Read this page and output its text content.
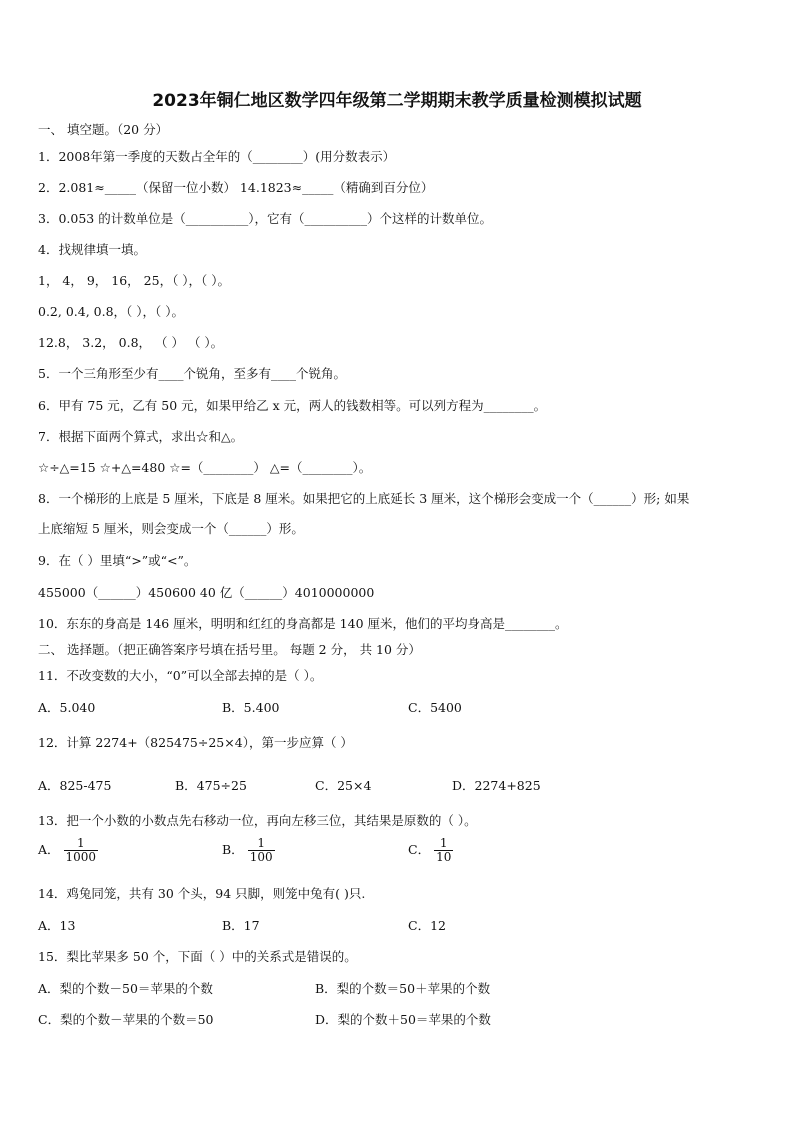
2023年铜仁地区数学四年级第二学期期末教学质量检测模拟试题
一、 填空题。（20 分）
1．2008年第一季度的天数占全年的（________）(用分数表示）
2．2.081≈_____（保留一位小数） 14.1823≈_____（精确到百分位）
3．0.053 的计数单位是（__________），它有（__________）个这样的计数单位。
4．找规律填一填。
1， 4， 9， 16， 25，（ ），（ ）。
0.2, 0.4, 0.8，（ ），（ ）。
12.8， 3.2， 0.8， （ ） （ ）。
5．一个三角形至少有____个锐角，至多有____个锐角。
6．甲有 75 元，乙有 50 元，如果甲给乙 x 元，两人的钱数相等。可以列方程为________。
7．根据下面两个算式，求出☆和△。
☆÷△=15 ☆+△=480 ☆=（________） △=（________）。
8．一个梯形的上底是 5 厘米，下底是 8 厘米。如果把它的上底延长 3 厘米，这个梯形会变成一个（______）形; 如果
上底缩短 5 厘米，则会变成一个（______）形。
9．在（ ）里填“>”或“<”。
455000（______）450600 40 亿（______）4010000000
10．东东的身高是 146 厘米，明明和红红的身高都是 140 厘米，他们的平均身高是________。
二、 选择题。（把正确答案序号填在括号里。 每题 2 分， 共 10 分）
11．不改变数的大小，“0”可以全部去掉的是（ ）。
A．5.040	B．5.400	C．5400
12．计算 2274+（825475÷25×4），第一步应算（ ）
A．825-475	B．475÷25	C．25×4	D．2274+825
13．把一个小数的小数点先右移动一位，再向左移三位，其结果是原数的（ ）。
A． $\frac{1}{1000}$	B． $\frac{1}{100}$	C． $\frac{1}{10}$
14．鸡兔同笼，共有 30 个头，94 只脚，则笼中兔有( )只.
A．13	B．17	C．12
15．梨比苹果多 50 个，下面（ ）中的关系式是错误的。
A．梨的个数－50＝苹果的个数	B．梨的个数＝50＋苹果的个数
C．梨的个数－苹果的个数＝50	D．梨的个数＋50＝苹果的个数
